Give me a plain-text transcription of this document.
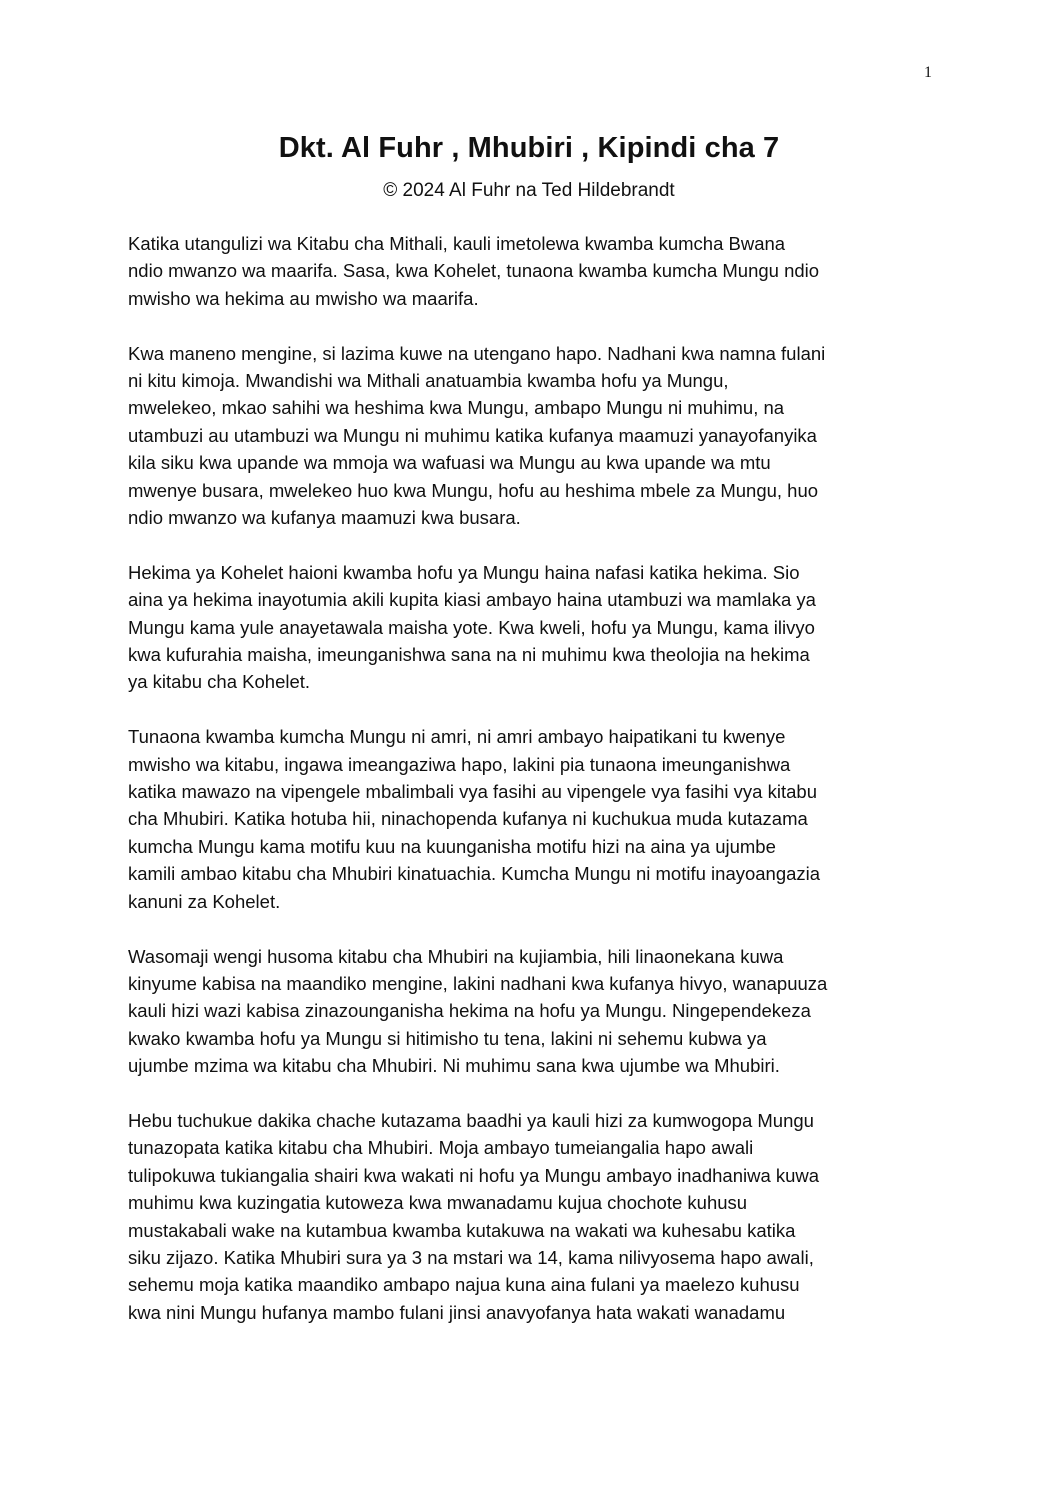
1
Dkt. Al Fuhr , Mhubiri , Kipindi cha 7
© 2024 Al Fuhr na Ted Hildebrandt

Katika utangulizi wa Kitabu cha Mithali, kauli imetolewa kwamba kumcha Bwana
ndio mwanzo wa maarifa. Sasa, kwa Kohelet, tunaona kwamba kumcha Mungu ndio
mwisho wa hekima au mwisho wa maarifa.

Kwa maneno mengine, si lazima kuwe na utengano hapo. Nadhani kwa namna fulani
ni kitu kimoja. Mwandishi wa Mithali anatuambia kwamba hofu ya Mungu,
mwelekeo, mkao sahihi wa heshima kwa Mungu, ambapo Mungu ni muhimu, na
utambuzi au utambuzi wa Mungu ni muhimu katika kufanya maamuzi yanayofanyika
kila siku kwa upande wa mmoja wa wafuasi wa Mungu au kwa upande wa mtu
mwenye busara, mwelekeo huo kwa Mungu, hofu au heshima mbele za Mungu, huo
ndio mwanzo wa kufanya maamuzi kwa busara.

Hekima ya Kohelet haioni kwamba hofu ya Mungu haina nafasi katika hekima. Sio
aina ya hekima inayotumia akili kupita kiasi ambayo haina utambuzi wa mamlaka ya
Mungu kama yule anayetawala maisha yote. Kwa kweli, hofu ya Mungu, kama ilivyo
kwa kufurahia maisha, imeunganishwa sana na ni muhimu kwa theolojia na hekima
ya kitabu cha Kohelet.

Tunaona kwamba kumcha Mungu ni amri, ni amri ambayo haipatikani tu kwenye
mwisho wa kitabu, ingawa imeangaziwa hapo, lakini pia tunaona imeunganishwa
katika mawazo na vipengele mbalimbali vya fasihi au vipengele vya fasihi vya kitabu
cha Mhubiri. Katika hotuba hii, ninachopenda kufanya ni kuchukua muda kutazama
kumcha Mungu kama motifu kuu na kuunganisha motifu hizi na aina ya ujumbe
kamili ambao kitabu cha Mhubiri kinatuachia. Kumcha Mungu ni motifu inayoangazia
kanuni za Kohelet.

Wasomaji wengi husoma kitabu cha Mhubiri na kujiambia, hili linaonekana kuwa
kinyume kabisa na maandiko mengine, lakini nadhani kwa kufanya hivyo, wanapuuza
kauli hizi wazi kabisa zinazounganisha hekima na hofu ya Mungu. Ningependekeza
kwako kwamba hofu ya Mungu si hitimisho tu tena, lakini ni sehemu kubwa ya
ujumbe mzima wa kitabu cha Mhubiri. Ni muhimu sana kwa ujumbe wa Mhubiri.

Hebu tuchukue dakika chache kutazama baadhi ya kauli hizi za kumwogopa Mungu
tunazopata katika kitabu cha Mhubiri. Moja ambayo tumeiangalia hapo awali
tulipokuwa tukiangalia shairi kwa wakati ni hofu ya Mungu ambayo inadhaniwa kuwa
muhimu kwa kuzingatia kutoweza kwa mwanadamu kujua chochote kuhusu
mustakabali wake na kutambua kwamba kutakuwa na wakati wa kuhesabu katika
siku zijazo. Katika Mhubiri sura ya 3 na mstari wa 14, kama nilivyosema hapo awali,
sehemu moja katika maandiko ambapo najua kuna aina fulani ya maelezo kuhusu
kwa nini Mungu hufanya mambo fulani jinsi anavyofanya hata wakati wanadamu
